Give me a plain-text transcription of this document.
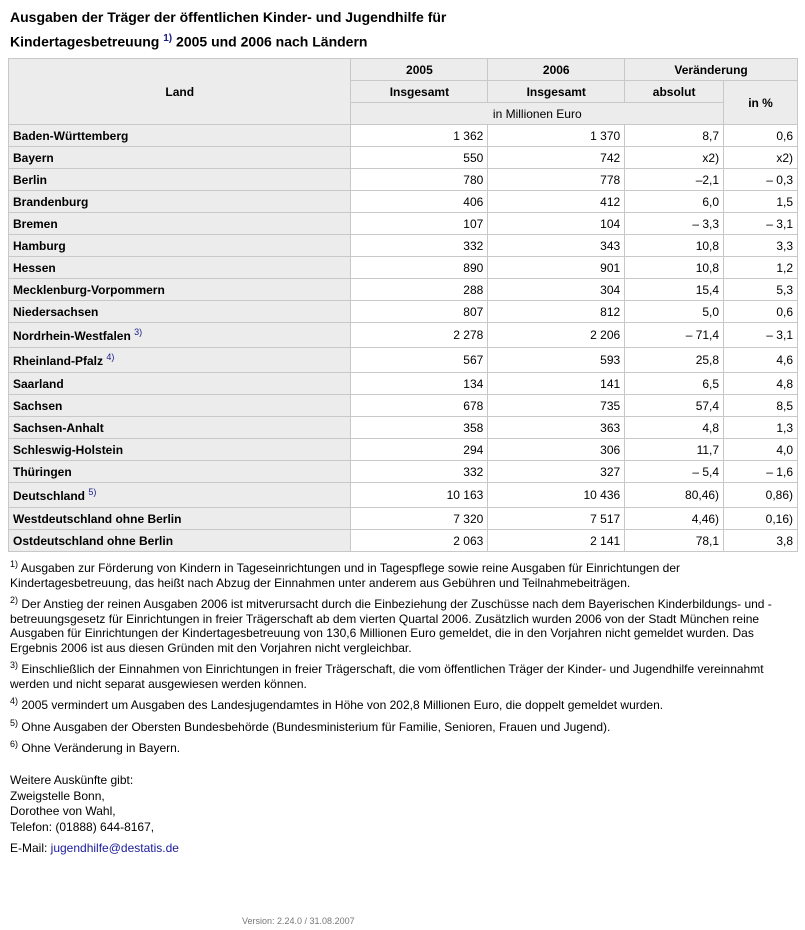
Ausgaben der Träger der öffentlichen Kinder- und Jugendhilfe für
Kindertagesbetreuung $^{1)}$ 2005 und 2006 nach Ländern
Land	2005	2006	Veränderung	
	Insgesamt	Insgesamt	absolut	in %
	in Millionen Euro			
Baden-Württemberg	1 362	1 370	8,7	0,6
Bayern	550	742	x2)	x2)
Berlin	780	778	–2,1	– 0,3
Brandenburg	406	412	6,0	1,5
Bremen	107	104	– 3,3	– 3,1
Hamburg	332	343	10,8	3,3
Hessen	890	901	10,8	1,2
Mecklenburg-Vorpommern	288	304	15,4	5,3
Niedersachsen	807	812	5,0	0,6
Nordrhein-Westfalen $^{3)}$	2 278	2 206	– 71,4	– 3,1
Rheinland-Pfalz $^{4)}$	567	593	25,8	4,6
Saarland	134	141	6,5	4,8
Sachsen	678	735	57,4	8,5
Sachsen-Anhalt	358	363	4,8	1,3
Schleswig-Holstein	294	306	11,7	4,0
Thüringen	332	327	– 5,4	– 1,6
Deutschland $^{5)}$	10 163	10 436	80,46)	0,86)
Westdeutschland ohne Berlin	7 320	7 517	4,46)	0,16)
Ostdeutschland ohne Berlin	2 063	2 141	78,1	3,8
$^{1)}$ Ausgaben zur Förderung von Kindern in Tageseinrichtungen und in Tagespflege sowie reine Ausgaben für Einrichtungen der Kindertagesbetreuung, das heißt nach Abzug der Einnahmen unter anderem aus Gebühren und Teilnahmebeiträgen.
$^{2)}$ Der Anstieg der reinen Ausgaben 2006 ist mitverursacht durch die Einbeziehung der Zuschüsse nach dem Bayerischen Kinderbildungs- und -betreuungsgesetz für Einrichtungen in freier Trägerschaft ab dem vierten Quartal 2006. Zusätzlich wurden 2006 von der Stadt München reine Ausgaben für Einrichtungen der Kindertagesbetreuung von 130,6 Millionen Euro gemeldet, die in den Vorjahren nicht gemeldet wurden. Das Ergebnis 2006 ist aus diesen Gründen mit den Vorjahren nicht vergleichbar.
$^{3)}$ Einschließlich der Einnahmen von Einrichtungen in freier Trägerschaft, die vom öffentlichen Träger der Kinder- und Jugendhilfe vereinnahmt werden und nicht separat ausgewiesen werden können.
$^{4)}$ 2005 vermindert um Ausgaben des Landesjugendamtes in Höhe von 202,8 Millionen Euro, die doppelt gemeldet wurden.
$^{5)}$ Ohne Ausgaben der Obersten Bundesbehörde (Bundesministerium für Familie, Senioren, Frauen und Jugend).
$^{6)}$ Ohne Veränderung in Bayern.
Weitere Auskünfte gibt:
Zweigstelle Bonn,
Dorothee von Wahl,
Telefon: (01888) 644-8167,
E-Mail: jugendhilfe@destatis.de
Version: 2.24.0 / 31.08.2007
